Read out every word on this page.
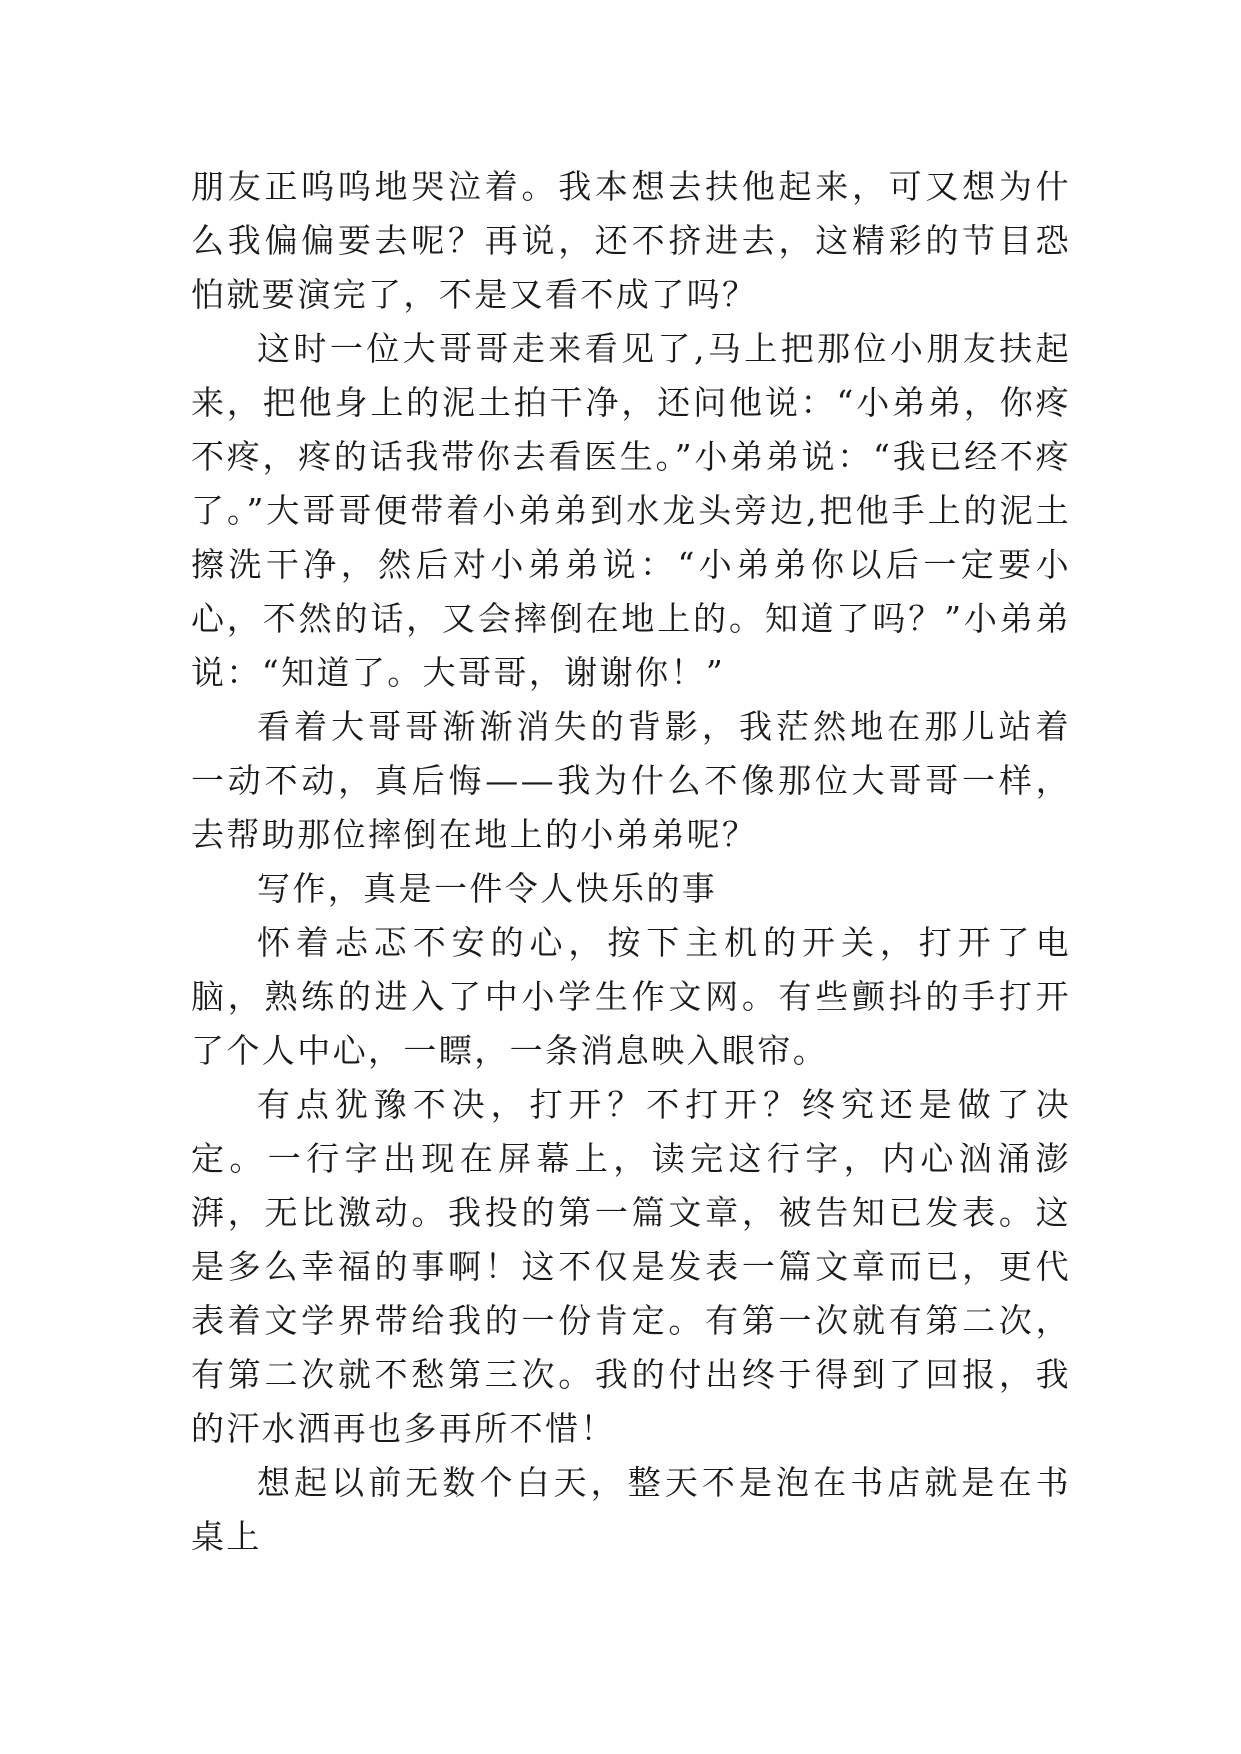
朋友正呜呜地哭泣着。我本想去扶他起来，可又想为什么我偏偏要去呢？再说，还不挤进去，这精彩的节目恐怕就要演完了，不是又看不成了吗？

这时一位大哥哥走来看见了,马上把那位小朋友扶起来，把他身上的泥土拍干净，还问他说：“小弟弟，你疼不疼，疼的话我带你去看医生。”小弟弟说：“我已经不疼了。”大哥哥便带着小弟弟到水龙头旁边,把他手上的泥土擦洗干净，然后对小弟弟说：“小弟弟你以后一定要小心，不然的话，又会摔倒在地上的。知道了吗？”小弟弟说：“知道了。大哥哥，谢谢你！”

看着大哥哥渐渐消失的背影，我茫然地在那儿站着一动不动，真后悔——我为什么不像那位大哥哥一样，去帮助那位摔倒在地上的小弟弟呢？

写作，真是一件令人快乐的事

怀着忐忑不安的心，按下主机的开关，打开了电脑，熟练的进入了中小学生作文网。有些颤抖的手打开了个人中心，一瞟，一条消息映入眼帘。

有点犹豫不决，打开？不打开？终究还是做了决定。一行字出现在屏幕上，读完这行字，内心汹涌澎湃，无比激动。我投的第一篇文章，被告知已发表。这是多么幸福的事啊！这不仅是发表一篇文章而已，更代表着文学界带给我的一份肯定。有第一次就有第二次，有第二次就不愁第三次。我的付出终于得到了回报，我的汗水洒再也多再所不惜！

想起以前无数个白天，整天不是泡在书店就是在书桌上
